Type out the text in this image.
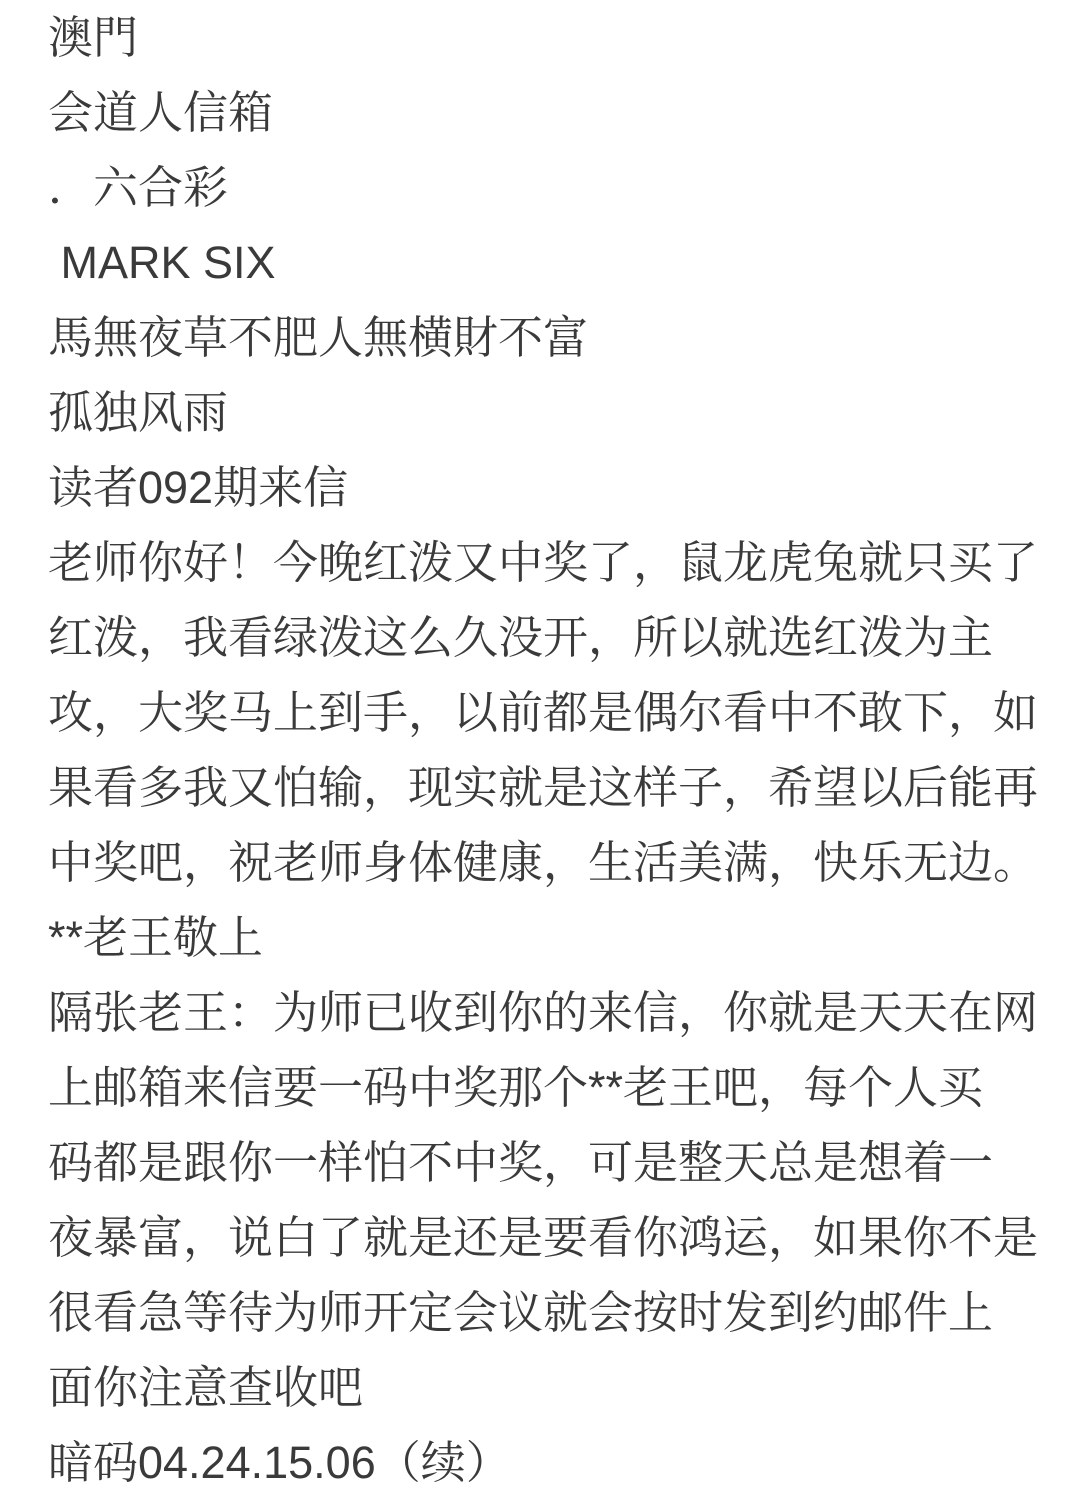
澳門
会道人信箱
．六合彩
MARK SIX
馬無夜草不肥人無横財不富
孤独风雨
读者092期来信
老师你好！今晚红泼又中奖了，鼠龙虎兔就只买了
红泼，我看绿泼这么久没开，所以就选红泼为主
攻，大奖马上到手，以前都是偶尔看中不敢下，如
果看多我又怕输，现实就是这样子，希望以后能再
中奖吧，祝老师身体健康，生活美满，快乐无边。
**老王敬上
隔张老王：为师已收到你的来信，你就是天天在网
上邮箱来信要一码中奖那个**老王吧，每个人买
码都是跟你一样怕不中奖，可是整天总是想着一
夜暴富，说白了就是还是要看你鸿运，如果你不是
很看急等待为师开定会议就会按时发到约邮件上
面你注意查收吧
暗码04.24.15.06（续）
